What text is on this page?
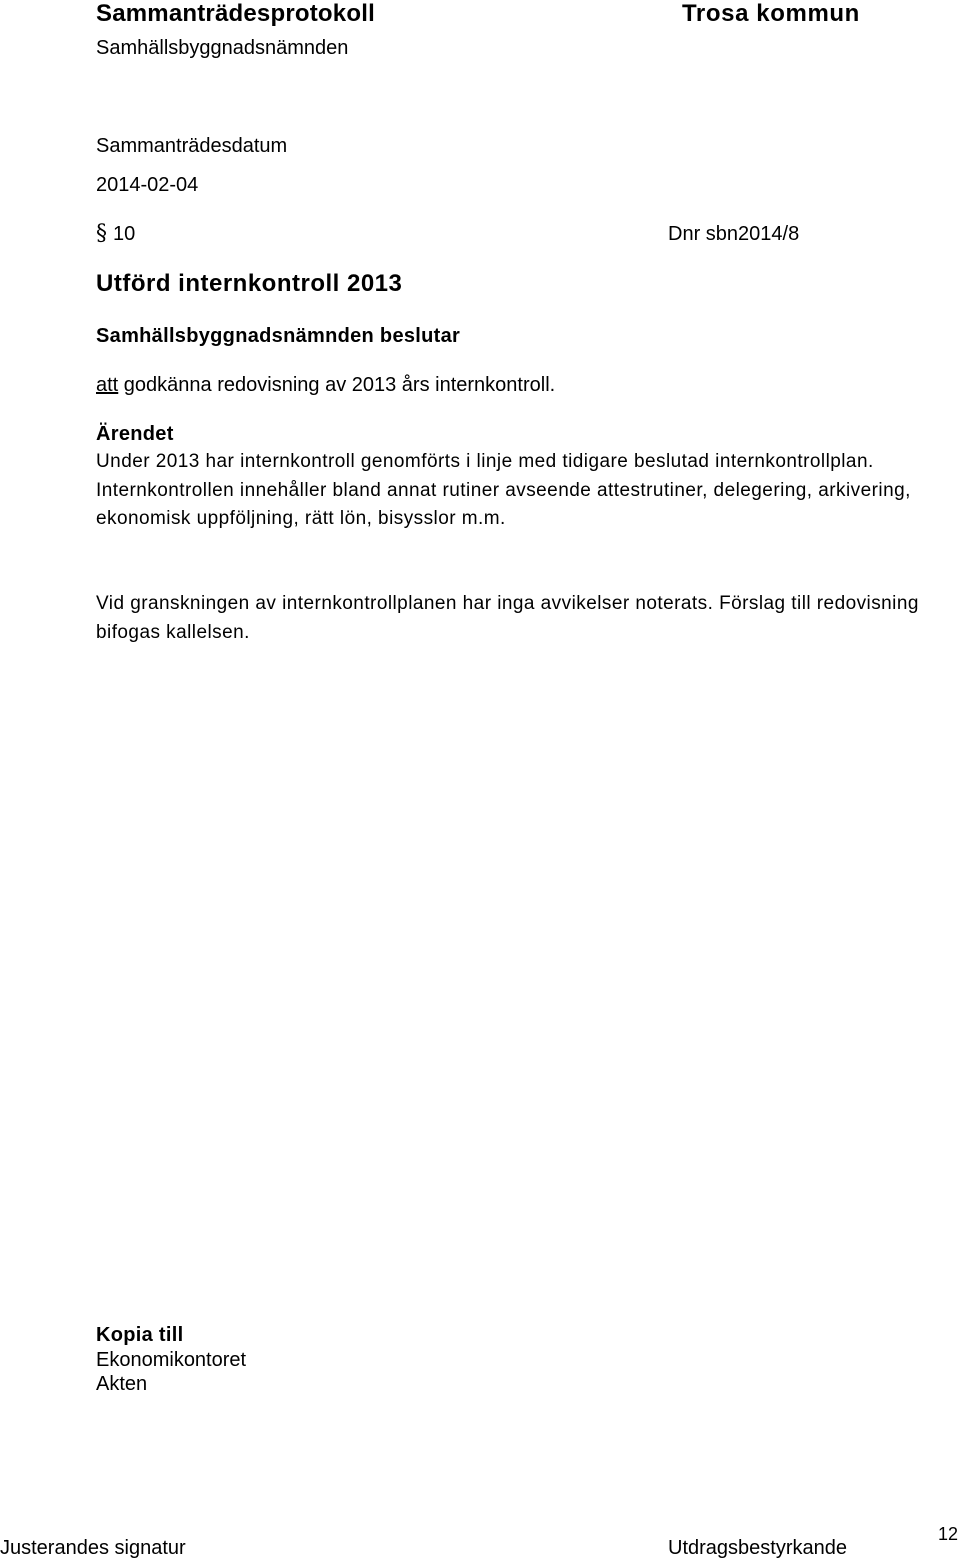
Sammanträdesprotokoll	Trosa kommun
Samhällsbyggnadsnämnden
Sammanträdesdatum
2014-02-04
§ 10	Dnr sbn2014/8
Utförd internkontroll 2013
Samhällsbyggnadsnämnden beslutar
att godkänna redovisning av 2013 års internkontroll.
Ärendet

Under 2013 har internkontroll genomförts i linje med tidigare beslutad internkontrollplan. Internkontrollen innehåller bland annat rutiner avseende attestrutiner, delegering, arkivering, ekonomisk uppföljning, rätt lön, bisysslor m.m.

Vid granskningen av internkontrollplanen har inga avvikelser noterats. Förslag till redovisning bifogas kallelsen.

Kopia till
Ekonomikontoret
Akten
Justerandes signatur	Utdragsbestyrkande
12
